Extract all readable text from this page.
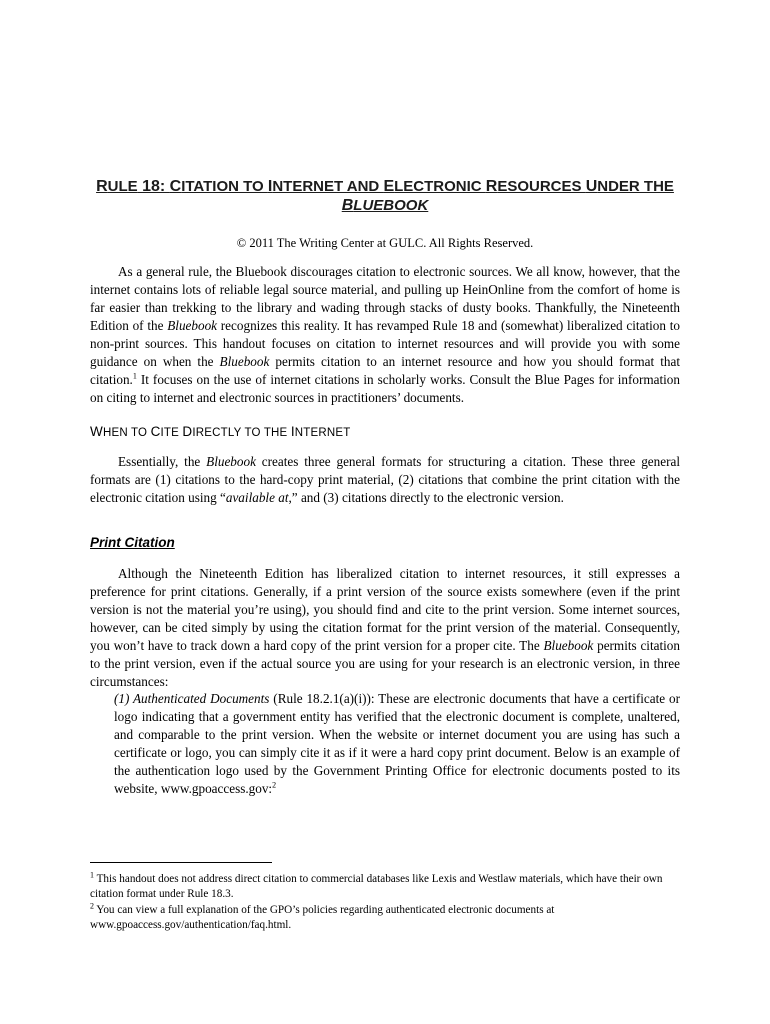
RULE 18: CITATION TO INTERNET AND ELECTRONIC RESOURCES UNDER THE
BLUEBOOK
© 2011 The Writing Center at GULC. All Rights Reserved.

As a general rule, the Bluebook discourages citation to electronic sources. We all know, however, that the internet contains lots of reliable legal source material, and pulling up HeinOnline from the comfort of home is far easier than trekking to the library and wading through stacks of dusty books. Thankfully, the Nineteenth Edition of the Bluebook recognizes this reality. It has revamped Rule 18 and (somewhat) liberalized citation to non-print sources. This handout focuses on citation to internet resources and will provide you with some guidance on when the Bluebook permits citation to an internet resource and how you should format that citation.$^1$ It focuses on the use of internet citations in scholarly works. Consult the Blue Pages for information on citing to internet and electronic sources in practitioners’ documents.

WHEN TO CITE DIRECTLY TO THE INTERNET

Essentially, the Bluebook creates three general formats for structuring a citation. These three general formats are (1) citations to the hard-copy print material, (2) citations that combine the print citation with the electronic citation using “available at,” and (3) citations directly to the electronic version.

Print Citation

Although the Nineteenth Edition has liberalized citation to internet resources, it still expresses a preference for print citations. Generally, if a print version of the source exists somewhere (even if the print version is not the material you’re using), you should find and cite to the print version. Some internet sources, however, can be cited simply by using the citation format for the print version of the material. Consequently, you won’t have to track down a hard copy of the print version for a proper cite. The Bluebook permits citation to the print version, even if the actual source you are using for your research is an electronic version, in three circumstances:

(1) Authenticated Documents (Rule 18.2.1(a)(i)): These are electronic documents that have a certificate or logo indicating that a government entity has verified that the electronic document is complete, unaltered, and comparable to the print version. When the website or internet document you are using has such a certificate or logo, you can simply cite it as if it were a hard copy print document. Below is an example of the authentication logo used by the Government Printing Office for electronic documents posted to its website, www.gpoaccess.gov:$^2$

$^1$ This handout does not address direct citation to commercial databases like Lexis and Westlaw materials, which have their own citation format under Rule 18.3.

$^2$ You can view a full explanation of the GPO’s policies regarding authenticated electronic documents at www.gpoaccess.gov/authentication/faq.html.
